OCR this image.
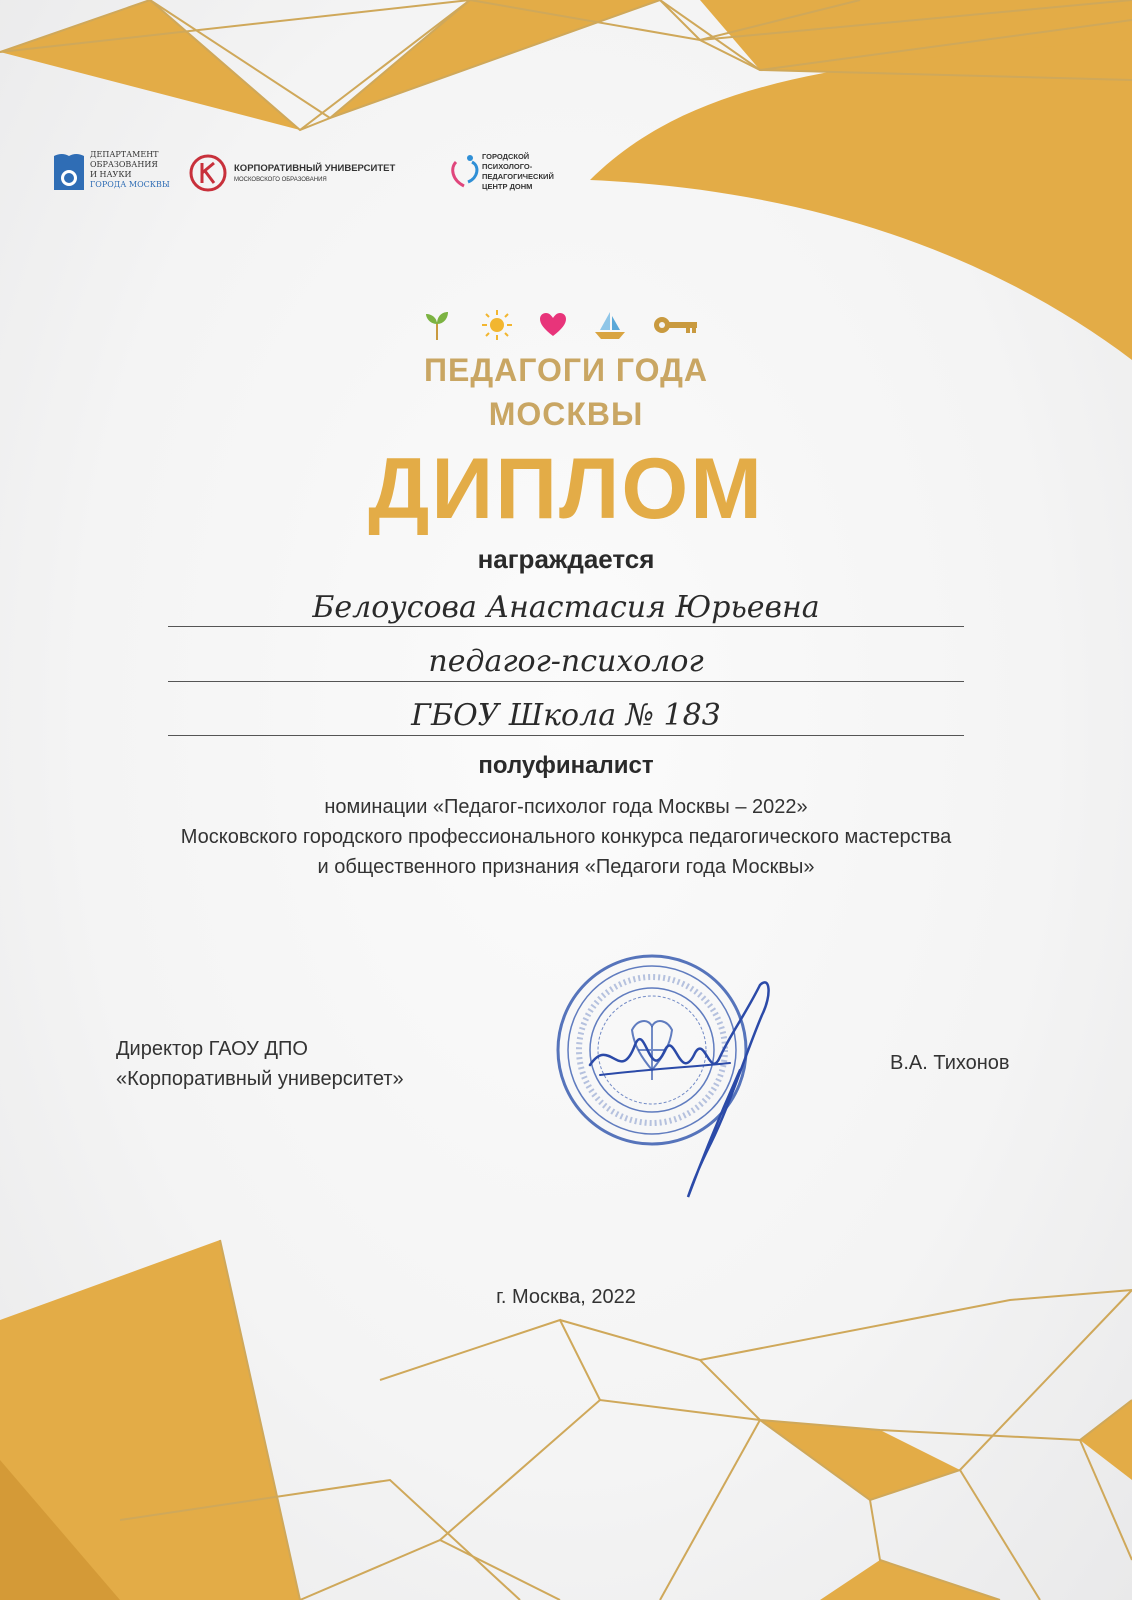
ДЕПАРТАМЕНТ
ОБРАЗОВАНИЯ
И НАУКИ
ГОРОДА МОСКВЫ
КОРПОРАТИВНЫЙ УНИВЕРСИТЕТ
МОСКОВСКОГО ОБРАЗОВАНИЯ
ГОРОДСКОЙ
ПСИХОЛОГО-
ПЕДАГОГИЧЕСКИЙ
ЦЕНТР ДОНМ
ПЕДАГОГИ ГОДА
МОСКВЫ
ДИПЛОМ
награждается
Белоусова Анастасия Юрьевна
педагог-психолог
ГБОУ Школа № 183
полуфиналист
номинации «Педагог-психолог года Москвы – 2022»
Московского городского профессионального конкурса педагогического мастерства
и общественного признания «Педагоги года Москвы»
Директор ГАОУ ДПО
«Корпоративный университет»
В.А. Тихонов
г. Москва, 2022
